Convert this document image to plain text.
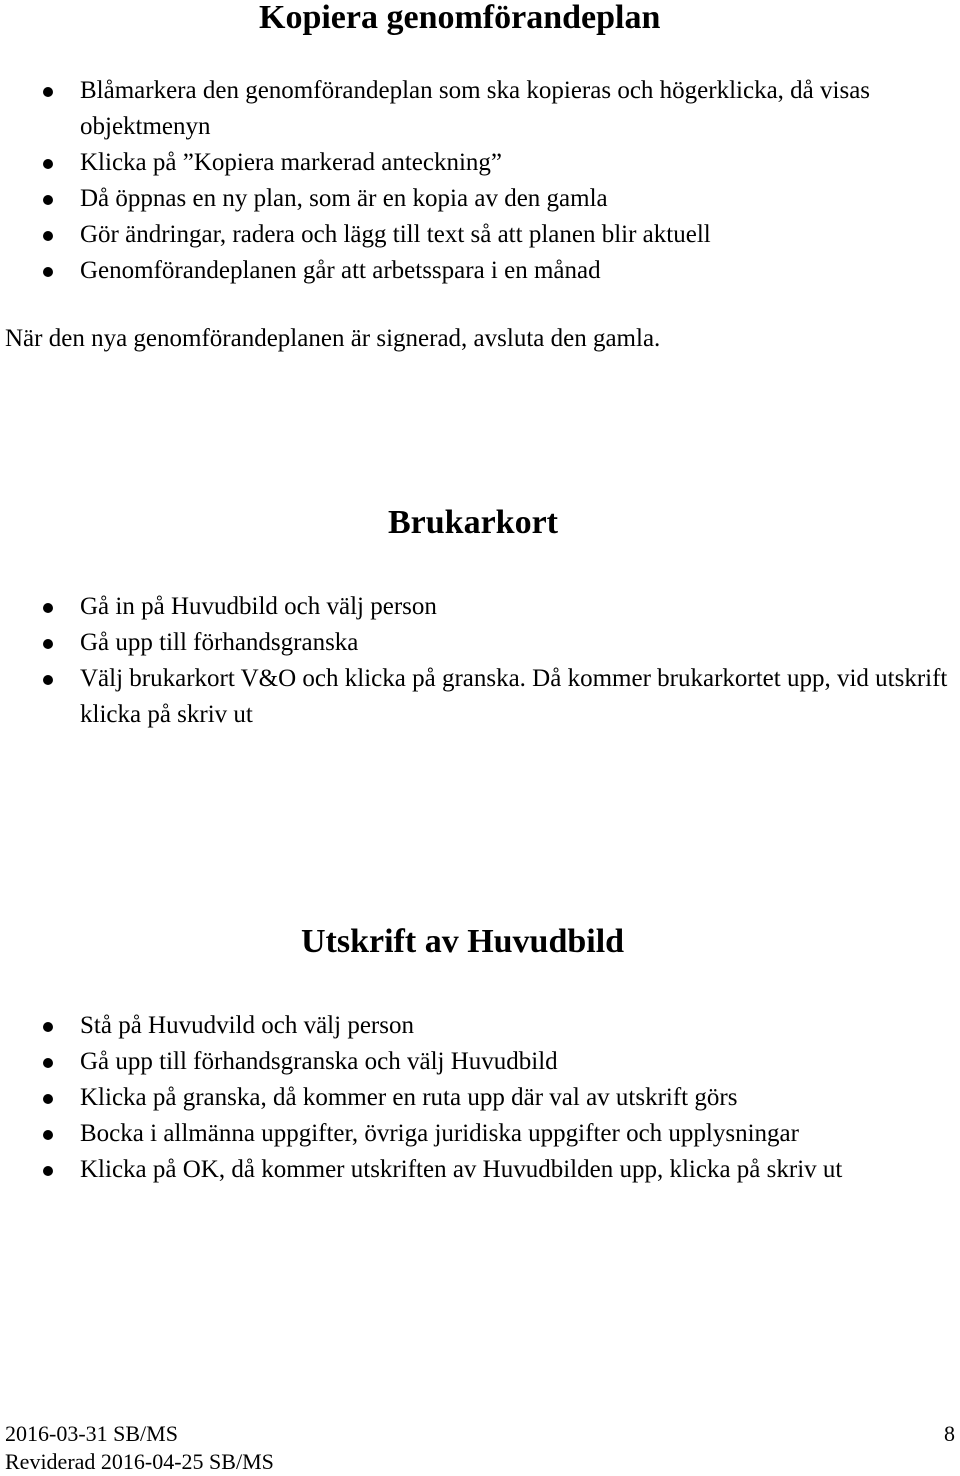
Kopiera genomförandeplan
Blåmarkera den genomförandeplan som ska kopieras och högerklicka, då visas objektmenyn
Klicka på ”Kopiera markerad anteckning”
Då öppnas en ny plan, som är en kopia av den gamla
Gör ändringar, radera och lägg till text så att planen blir aktuell
Genomförandeplanen går att arbetsspara i en månad

När den nya genomförandeplanen är signerad, avsluta den gamla.

Brukarkort
Gå in på Huvudbild och välj person
Gå upp till förhandsgranska
Välj brukarkort V&O och klicka på granska. Då kommer brukarkortet upp, vid utskrift klicka på skriv ut
Utskrift av Huvudbild
Stå på Huvudvild och välj person
Gå upp till förhandsgranska och välj Huvudbild
Klicka på granska, då kommer en ruta upp där val av utskrift görs
Bocka i allmänna uppgifter, övriga juridiska uppgifter och upplysningar
Klicka på OK, då kommer utskriften av Huvudbilden upp, klicka på skriv ut
2016-03-31 SB/MS
Reviderad 2016-04-25 SB/MS
8
